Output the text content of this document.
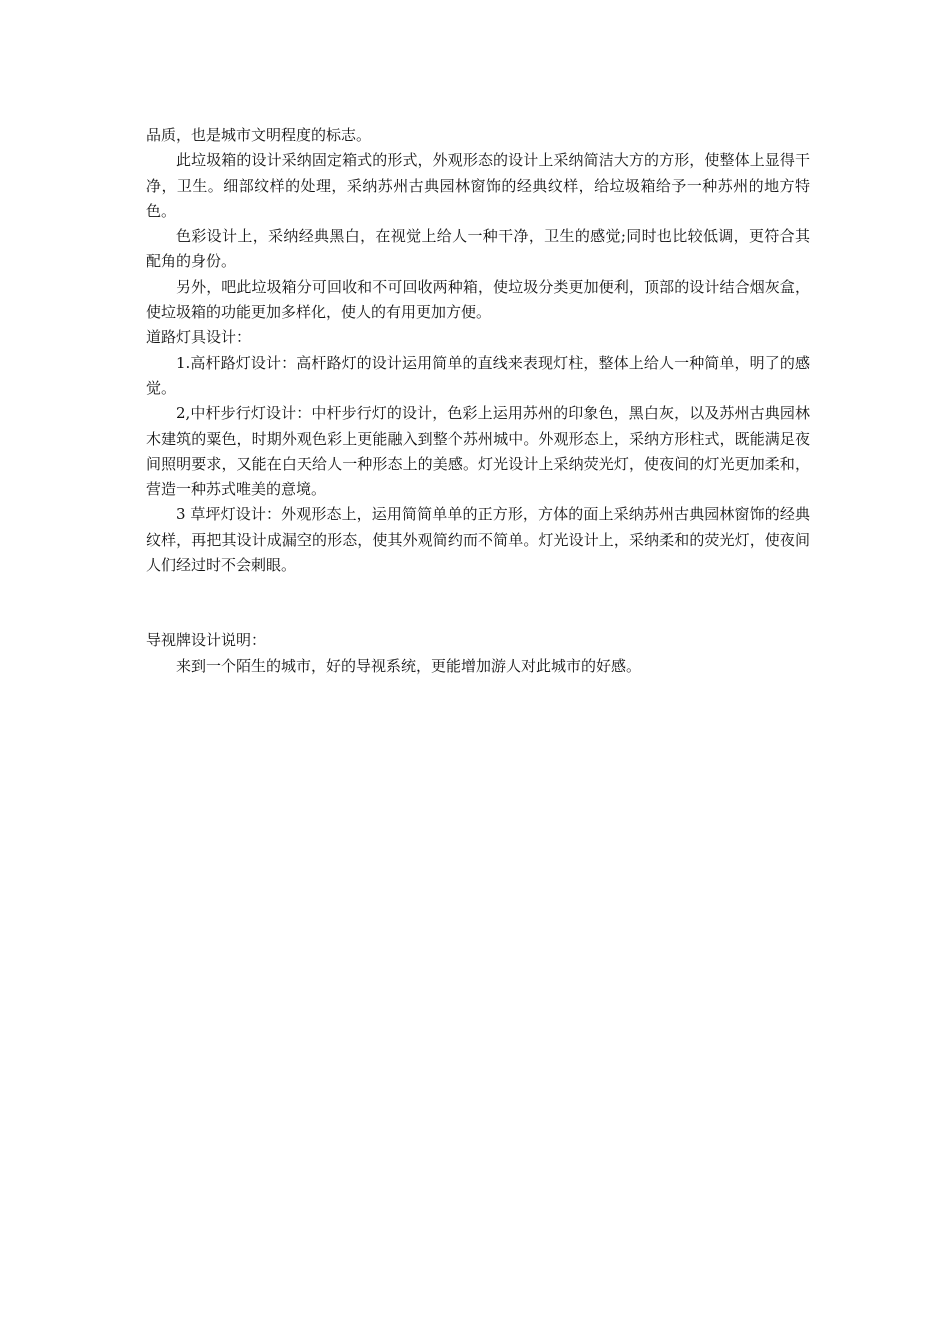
品质，也是城市文明程度的标志。

此垃圾箱的设计采纳固定箱式的形式，外观形态的设计上采纳简洁大方的方形，使整体上显得干净，卫生。细部纹样的处理，采纳苏州古典园林窗饰的经典纹样，给垃圾箱给予一种苏州的地方特色。

色彩设计上，采纳经典黑白，在视觉上给人一种干净，卫生的感觉;同时也比较低调，更符合其配角的身份。

另外，吧此垃圾箱分可回收和不可回收两种箱，使垃圾分类更加便利，顶部的设计结合烟灰盒，使垃圾箱的功能更加多样化，使人的有用更加方便。

道路灯具设计：

1.高杆路灯设计：高杆路灯的设计运用简单的直线来表现灯柱，整体上给人一种简单，明了的感觉。

2,中杆步行灯设计：中杆步行灯的设计，色彩上运用苏州的印象色，黑白灰，以及苏州古典园林木建筑的粟色，时期外观色彩上更能融入到整个苏州城中。外观形态上，采纳方形柱式，既能满足夜间照明要求，又能在白天给人一种形态上的美感。灯光设计上采纳荧光灯，使夜间的灯光更加柔和，营造一种苏式唯美的意境。

3 草坪灯设计：外观形态上，运用简简单单的正方形，方体的面上采纳苏州古典园林窗饰的经典纹样，再把其设计成漏空的形态，使其外观简约而不简单。灯光设计上，采纳柔和的荧光灯，使夜间人们经过时不会刺眼。

导视牌设计说明：

来到一个陌生的城市，好的导视系统，更能增加游人对此城市的好感。
